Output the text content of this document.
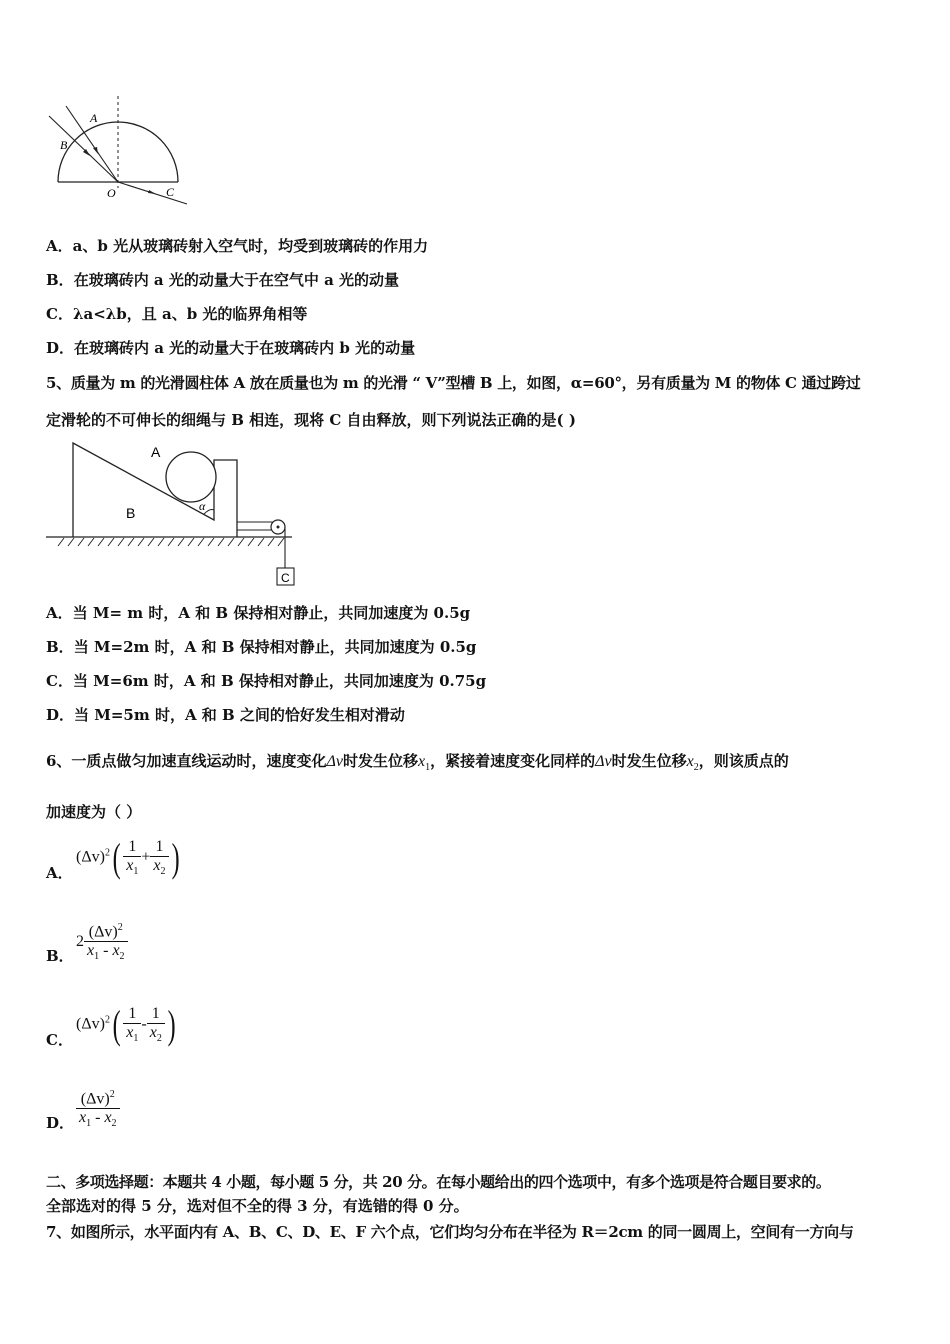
A
B
O	C
A．a、b 光从玻璃砖射入空气时，均受到玻璃砖的作用力
B．在玻璃砖内 a 光的动量大于在空气中 a 光的动量
C．λa<λb，且 a、b 光的临界角相等
D．在玻璃砖内 a 光的动量大于在玻璃砖内 b 光的动量
5、质量为 m 的光滑圆柱体 A 放在质量也为 m 的光滑 “ V”型槽 B 上，如图，α=60°，另有质量为 M 的物体 C 通过跨过
定滑轮的不可伸长的细绳与 B 相连，现将 C 自由释放，则下列说法正确的是( )
A
B	α
C
A．当 M= m 时，A 和 B 保持相对静止，共同加速度为 0.5g
B．当 M=2m 时，A 和 B 保持相对静止，共同加速度为 0.5g
C．当 M=6m 时，A 和 B 保持相对静止，共同加速度为 0.75g
D．当 M=5m 时，A 和 B 之间的恰好发生相对滑动
6、一质点做匀加速直线运动时，速度变化Δv时发生位移$x_1$，紧接着速度变化同样的Δv时发生位移$x_2$，则该质点的
加速度为（ ）
A．
$(\Delta v)^2( \frac{1}{x_1} + \frac{1}{x_2}$ )
B．
$2 \frac{(\Delta v)^2}{x_1 - x_2}$
C．
$(\Delta v)^2( \frac{1}{x_1} - \frac{1}{x_2}$ )
D． $\frac{(\Delta v)^2}{x_1 - x_2}$
二、多项选择题：本题共 4 小题，每小题 5 分，共 20 分。在每小题给出的四个选项中，有多个选项是符合题目要求的。
全部选对的得 5 分，选对但不全的得 3 分，有选错的得 0 分。
7、如图所示，水平面内有 A、B、C、D、E、F 六个点，它们均匀分布在半径为 R＝2cm 的同一圆周上，空间有一方向与
